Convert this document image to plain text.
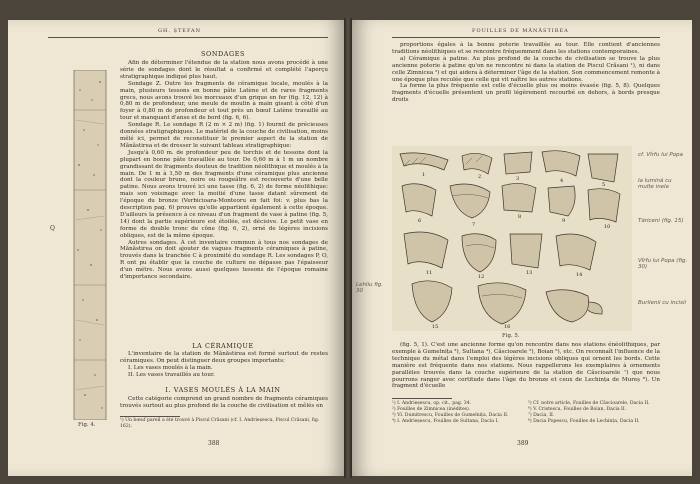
GH. ȘTEFAN
Fig. 4.
Q
SONDAGES

Afin de déterminer l'étendue de la station nous avons procédé à une série de sondages dont le résultat a confirmé et complété l'aperçu stratigraphique indiqué plus haut.

Sondage Z. Outre les fragments de céramique locale, moulés à la main, plusieurs tessons en bonne pâte Latène et de rares fragments grecs, nous avons trouvé les morceaux d'un grique en fer (fig. 12, 12) à 0,80 m de profondeur, une meule de moulin à main gisant à côté d'un foyer à 0,80 m de profondeur et tout près un bœuf Latène travaillé au tour et manquant d'anse et de bord (fig. 6, 6).

Sondage R. Le sondage R (2 m × 2 m) (fig. 1) fournit de précieuses données stratigraphiques. Le matériel de la couche de civilisation, moins mêlé ici, permet de reconstituer le premier aspect de la station de Mănăstirea et de dresser le suivant tableau stratigraphique:

Jusqu'à 0,60 m. de profondeur peu de torchis et de tessons dont la plupart en bonne pâte travaillée au tour. De 0,60 m à 1 m un nombre grandissant de fragments douteux de tradition néolithique et moulés à la main. De 1 m à 1,50 m des fragments d'une céramique plus ancienne dont la couleur brune, noire ou rougeâtre est recouverte d'une belle patine. Nous avons trouvé ici une tasse (fig. 6, 2) de forme néolithique: mais son voisinage avec la moitié d'une tasse datant sûrement de l'époque du bronze (Verbicioara-Monteoru en fait foi: v. plus bas la description pag. 6) prouve qu'elle appartient également à cette époque. D'ailleurs la présence à ce niveau d'un fragment de vase à patine (fig. 5, 14) dont la partie supérieure est étoilée, est décisive. Le petit vase en forme de double tronc de cône (fig. 6, 2), orné de légères incisions obliques, est de la même époque.

Autres sondages. À cet inventaire commun à tous nos sondages de Mănăstirea on doit ajouter de vagues fragments céramiques à patine, trouvés dans la tranchée C à proximité du sondage R. Les sondages P, O, R ont pu établir que la couche de culture ne dépasse pas l'épaisseur d'un mètre. Nous avons aussi quelques tessons de l'époque romaine d'importance secondaire.

LA CÉRAMIQUE

L'inventaire de la station de Mănăstirea est formé surtout de restes céramiques. On peut distinguer deux groupes importants:

I. Les vases moulés à la main.

II. Les vases travaillés au tour.

I. VASES MOULÉS À LA MAIN

Cette catégorie comprend un grand nombre de fragments céramiques trouvés surtout au plus profond de la couche de civilisation et mêlés en

¹) Un bœuf pareil a été trouvé à Piscul Crăsani (cf. I. Andrieșescu, Piscul Crăsani, fig. 162).
388
FOUILLES DE MĂNĂSTIREA

proportions égales à la bonne poterie travaillée au tour. Elle contient d'anciennes traditions néolithiques et se rencontre fréquemment dans les stations contemporaines.

a) Céramique à patine. Au plus profond de la couche de civilisation se trouve la plus ancienne poterie à patine qu'on ne rencontre ni dans la station de Piscul Crăsani ¹), ni dans celle Zimnicea ²) et qui aidera à déterminer l'âge de la station. Son commencement remonte à une époque plus reculée que celle qui vit naître les autres stations.

La forme la plus fréquente est celle d'écuelle plus ou moins évasée (fig. 5, 8). Quelques fragments d'écuelle présentent un profil légèrement recourbé en dehors, à bords presque droits

1	2	3	4
5
6
7
8
9
10
11
12
13	14
15	16
Fig. 5.
cf. Vîrfu lui Popa
la lumină cu multe inele
Tăriceni (fig. 15)
Lehliu fig. 30
Vîrfu lui Popa (fig. 30)
Burilenii cu incisii

(fig. 5, 1). C'est une ancienne forme qu'on rencontre dans nos stations énéolithiques, par exemple à Gumelnița ³), Sultana ⁴), Căscioarele ⁵), Boian ⁶), etc. On reconnaît l'influence de la technique du métal dans l'emploi des légères incisions obliques qui ornent les bords. Cette manière est fréquente dans nos stations. Nous rappellerons les exemplaires à ornements parallèles trouvés dans la couche supérieure de la station de Căscioarele ⁷) que nous pourrons ranger avec certitude dans l'âge du bronze et ceux de Lechința de Mureș ⁸). Un fragment d'écuelle

¹) I. Andrieșescu, op. cit., pag. 34.
²) Fouilles de Zimnicea (inédites).
³) Vl. Dumitrescu, Fouilles de Gumelnița, Dacia II.
⁴) I. Andrieșescu, Fouilles de Sultana, Dacia I.
⁵) Cf. notre article, Fouilles de Căscioarele, Dacia II.
⁶) V. Cristescu, Fouilles de Boian, Dacia II.
⁷) Dacia, II.
⁸) Dacia Popescu, Fouilles de Lechința, Dacia II.
389
